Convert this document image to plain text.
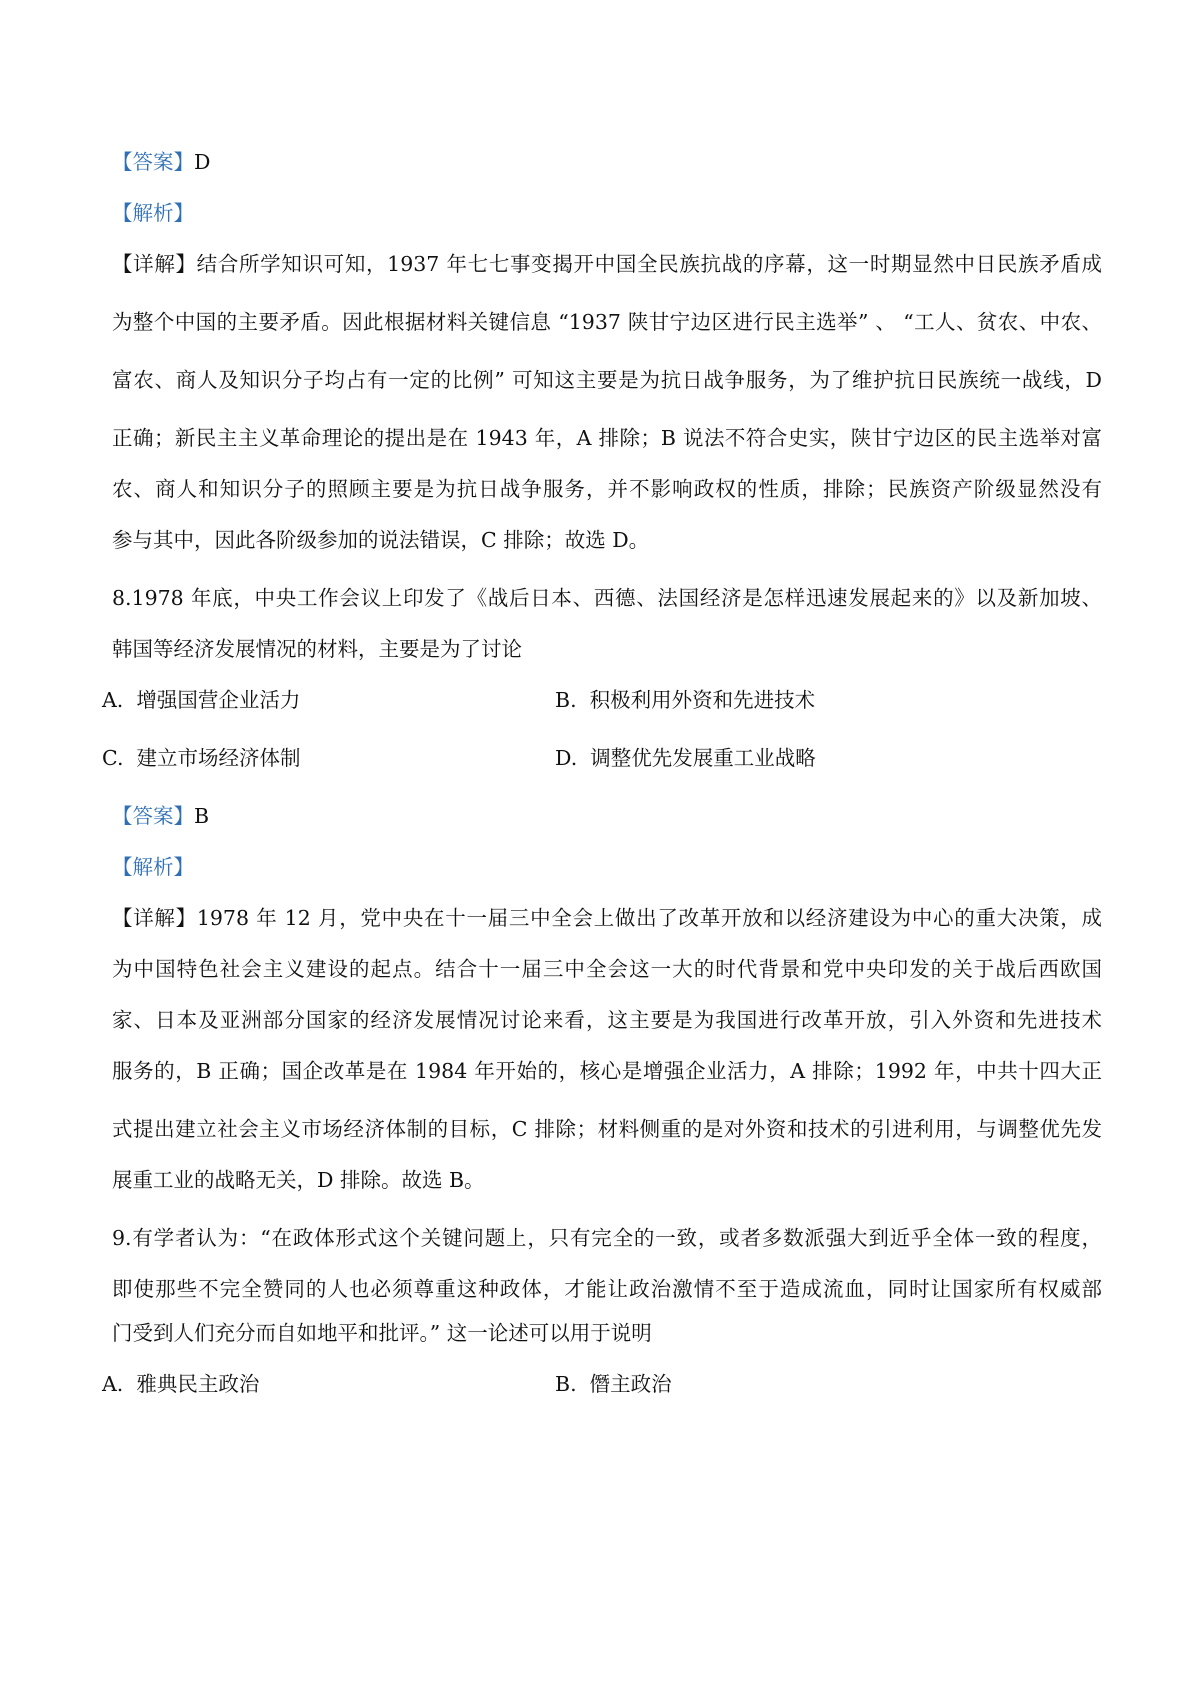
【答案】D
【解析】
【详解】结合所学知识可知，1937 年七七事变揭开中国全民族抗战的序幕，这一时期显然中日民族矛盾成
为整个中国的主要矛盾。因此根据材料关键信息 “1937 陕甘宁边区进行民主选举” 、 “工人、贫农、中农、
富农、商人及知识分子均占有一定的比例” 可知这主要是为抗日战争服务，为了维护抗日民族统一战线，D
正确；新民主主义革命理论的提出是在 1943 年，A 排除；B 说法不符合史实，陕甘宁边区的民主选举对富
农、商人和知识分子的照顾主要是为抗日战争服务，并不影响政权的性质，排除；民族资产阶级显然没有
参与其中，因此各阶级参加的说法错误，C 排除；故选 D。
8.1978 年底，中央工作会议上印发了《战后日本、西德、法国经济是怎样迅速发展起来的》以及新加坡、
韩国等经济发展情况的材料，主要是为了讨论
A. 增强国营企业活力	B. 积极利用外资和先进技术
C. 建立市场经济体制	D. 调整优先发展重工业战略
【答案】B
【解析】
【详解】1978 年 12 月，党中央在十一届三中全会上做出了改革开放和以经济建设为中心的重大决策，成
为中国特色社会主义建设的起点。结合十一届三中全会这一大的时代背景和党中央印发的关于战后西欧国
家、日本及亚洲部分国家的经济发展情况讨论来看，这主要是为我国进行改革开放，引入外资和先进技术
服务的，B 正确；国企改革是在 1984 年开始的，核心是增强企业活力，A 排除；1992 年，中共十四大正
式提出建立社会主义市场经济体制的目标，C 排除；材料侧重的是对外资和技术的引进利用，与调整优先发
展重工业的战略无关，D 排除。故选 B。
9.有学者认为：“在政体形式这个关键问题上，只有完全的一致，或者多数派强大到近乎全体一致的程度，
即使那些不完全赞同的人也必须尊重这种政体，才能让政治激情不至于造成流血，同时让国家所有权威部
门受到人们充分而自如地平和批评。” 这一论述可以用于说明
A. 雅典民主政治	B. 僭主政治
